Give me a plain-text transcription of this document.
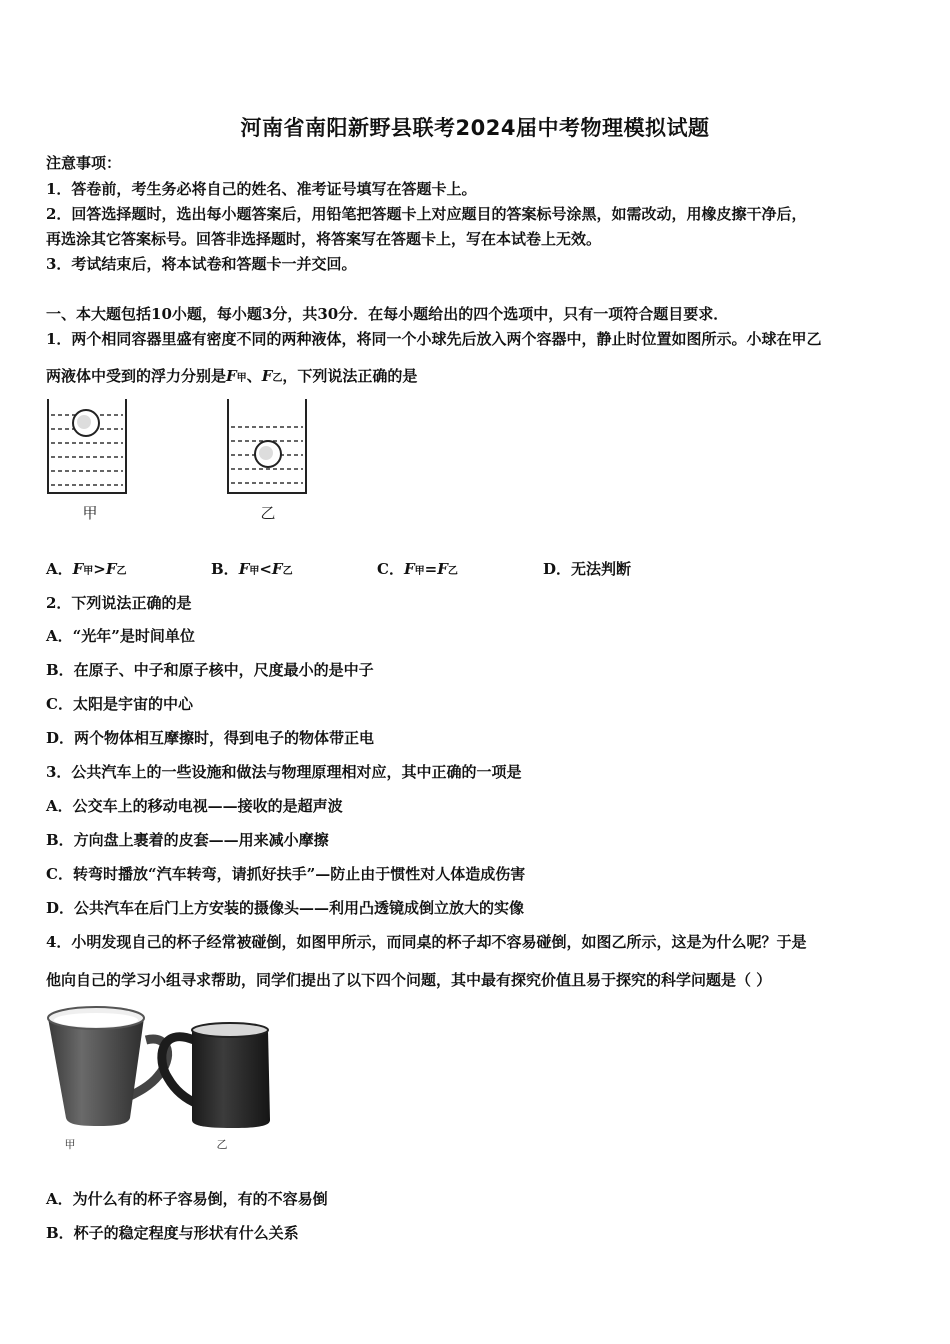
河南省南阳新野县联考2024届中考物理模拟试题
注意事项：
1．答卷前，考生务必将自己的姓名、准考证号填写在答题卡上。
2．回答选择题时，选出每小题答案后，用铅笔把答题卡上对应题目的答案标号涂黑，如需改动，用橡皮擦干净后，
再选涂其它答案标号。回答非选择题时，将答案写在答题卡上，写在本试卷上无效。
3．考试结束后，将本试卷和答题卡一并交回。
一、本大题包括10小题，每小题3分，共30分．在每小题给出的四个选项中，只有一项符合题目要求．
1．两个相同容器里盛有密度不同的两种液体，将同一个小球先后放入两个容器中，静止时位置如图所示。小球在甲乙
两液体中受到的浮力分别是F甲、F乙，下列说法正确的是
甲	乙
A．F甲>F乙	B．F甲<F乙	C．F甲=F乙	D．无法判断
2．下列说法正确的是
A．“光年”是时间单位
B．在原子、中子和原子核中，尺度最小的是中子
C．太阳是宇宙的中心
D．两个物体相互摩擦时，得到电子的物体带正电
3．公共汽车上的一些设施和做法与物理原理相对应，其中正确的一项是
A．公交车上的移动电视——接收的是超声波
B．方向盘上裹着的皮套——用来减小摩擦
C．转弯时播放“汽车转弯，请抓好扶手”—防止由于惯性对人体造成伤害
D．公共汽车在后门上方安装的摄像头——利用凸透镜成倒立放大的实像
4．小明发现自己的杯子经常被碰倒，如图甲所示，而同桌的杯子却不容易碰倒，如图乙所示，这是为什么呢？于是
他向自己的学习小组寻求帮助，同学们提出了以下四个问题，其中最有探究价值且易于探究的科学问题是（ ）
甲	乙
A．为什么有的杯子容易倒，有的不容易倒
B．杯子的稳定程度与形状有什么关系
